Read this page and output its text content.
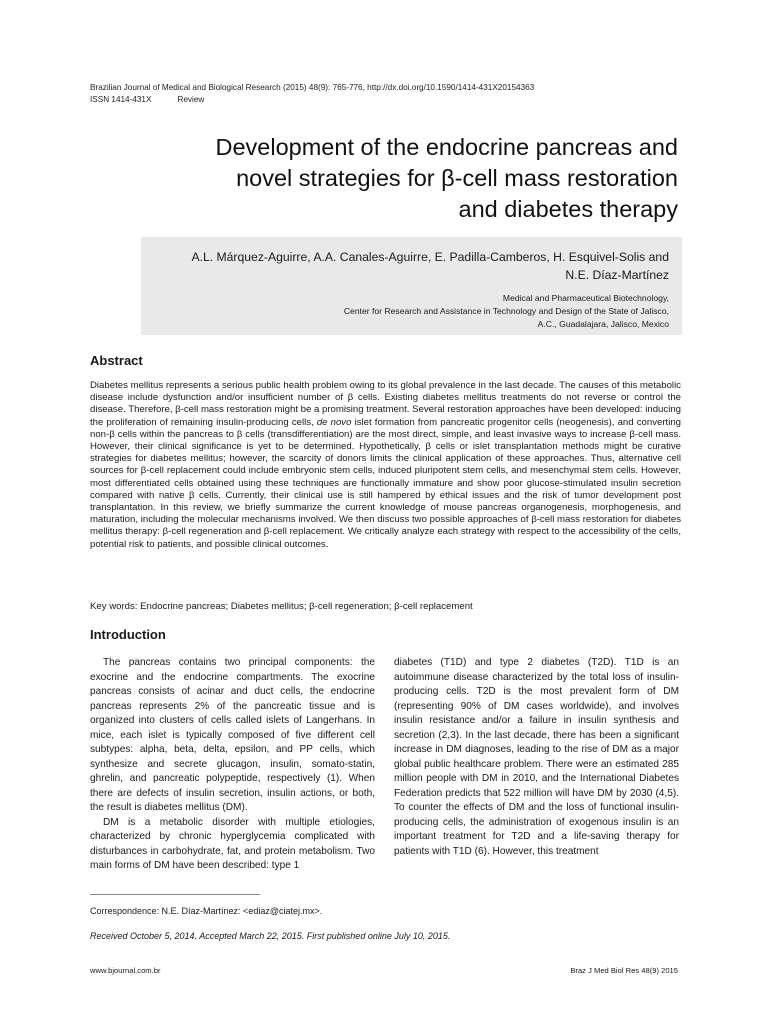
Brazilian Journal of Medical and Biological Research (2015) 48(9): 765-776, http://dx.doi.org/10.1590/1414-431X20154363
ISSN 1414-431X	Review
Development of the endocrine pancreas and
novel strategies for β-cell mass restoration
and diabetes therapy
A.L. Márquez-Aguirre, A.A. Canales-Aguirre, E. Padilla-Camberos, H. Esquivel-Solis and
N.E. Díaz-Martínez
Medical and Pharmaceutical Biotechnology,
Center for Research and Assistance in Technology and Design of the State of Jalisco,
A.C., Guadalajara, Jalisco, Mexico
Abstract
Diabetes mellitus represents a serious public health problem owing to its global prevalence in the last decade. The causes of this metabolic disease include dysfunction and/or insufficient number of β cells. Existing diabetes mellitus treatments do not reverse or control the disease. Therefore, β-cell mass restoration might be a promising treatment. Several restoration approaches have been developed: inducing the proliferation of remaining insulin-producing cells, de novo islet formation from pancreatic progenitor cells (neogenesis), and converting non-β cells within the pancreas to β cells (transdifferentiation) are the most direct, simple, and least invasive ways to increase β-cell mass. However, their clinical significance is yet to be determined. Hypothetically, β cells or islet transplantation methods might be curative strategies for diabetes mellitus; however, the scarcity of donors limits the clinical application of these approaches. Thus, alternative cell sources for β-cell replacement could include embryonic stem cells, induced pluripotent stem cells, and mesenchymal stem cells. However, most differentiated cells obtained using these techniques are functionally immature and show poor glucose-stimulated insulin secretion compared with native β cells. Currently, their clinical use is still hampered by ethical issues and the risk of tumor development post transplantation. In this review, we briefly summarize the current knowledge of mouse pancreas organogenesis, morphogenesis, and maturation, including the molecular mechanisms involved. We then discuss two possible approaches of β-cell mass restoration for diabetes mellitus therapy: β-cell regeneration and β-cell replacement. We critically analyze each strategy with respect to the accessibility of the cells, potential risk to patients, and possible clinical outcomes.
Key words: Endocrine pancreas; Diabetes mellitus; β-cell regeneration; β-cell replacement
Introduction

The pancreas contains two principal components: the exocrine and the endocrine compartments. The exocrine pancreas consists of acinar and duct cells, the endocrine pancreas represents 2% of the pancreatic tissue and is organized into clusters of cells called islets of Langerhans. In mice, each islet is typically composed of five different cell subtypes: alpha, beta, delta, epsilon, and PP cells, which synthesize and secrete glucagon, insulin, somato-statin, ghrelin, and pancreatic polypeptide, respectively (1). When there are defects of insulin secretion, insulin actions, or both, the result is diabetes mellitus (DM).

DM is a metabolic disorder with multiple etiologies, characterized by chronic hyperglycemia complicated with disturbances in carbohydrate, fat, and protein metabolism. Two main forms of DM have been described: type 1

diabetes (T1D) and type 2 diabetes (T2D). T1D is an autoimmune disease characterized by the total loss of insulin-producing cells. T2D is the most prevalent form of DM (representing 90% of DM cases worldwide), and involves insulin resistance and/or a failure in insulin synthesis and secretion (2,3). In the last decade, there has been a significant increase in DM diagnoses, leading to the rise of DM as a major global public healthcare problem. There were an estimated 285 million people with DM in 2010, and the International Diabetes Federation predicts that 522 million will have DM by 2030 (4,5). To counter the effects of DM and the loss of functional insulin-producing cells, the administration of exogenous insulin is an important treatment for T2D and a life-saving therapy for patients with T1D (6). However, this treatment

Correspondence: N.E. Díaz-Martínez: <ediaz@ciatej.mx>.
Received October 5, 2014. Accepted March 22, 2015. First published online July 10, 2015.
www.bjournal.com.br	Braz J Med Biol Res 48(9) 2015
